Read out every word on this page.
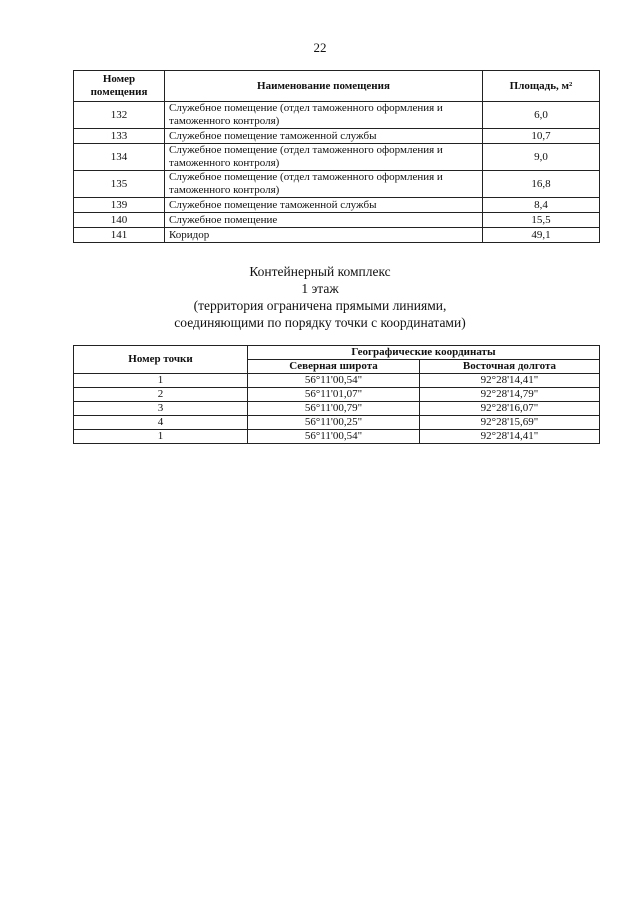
22
Номер помещения	Наименование помещения	Площадь, м²
132	Служебное помещение (отдел таможенного оформления и таможенного контроля)	6,0
133	Служебное помещение таможенной службы	10,7
134	Служебное помещение (отдел таможенного оформления и таможенного контроля)	9,0
135	Служебное помещение (отдел таможенного оформления и таможенного контроля)	16,8
139	Служебное помещение таможенной службы	8,4
140	Служебное помещение	15,5
141	Коридор	49,1
Контейнерный комплекс
1 этаж
(территория ограничена прямыми линиями,
соединяющими по порядку точки с координатами)
Номер точки	Географические координаты	
	Северная широта	Восточная долгота
1	56°11'00,54"	92°28'14,41"
2	56°11'01,07"	92°28'14,79"
3	56°11'00,79"	92°28'16,07"
4	56°11'00,25"	92°28'15,69"
1	56°11'00,54"	92°28'14,41"
